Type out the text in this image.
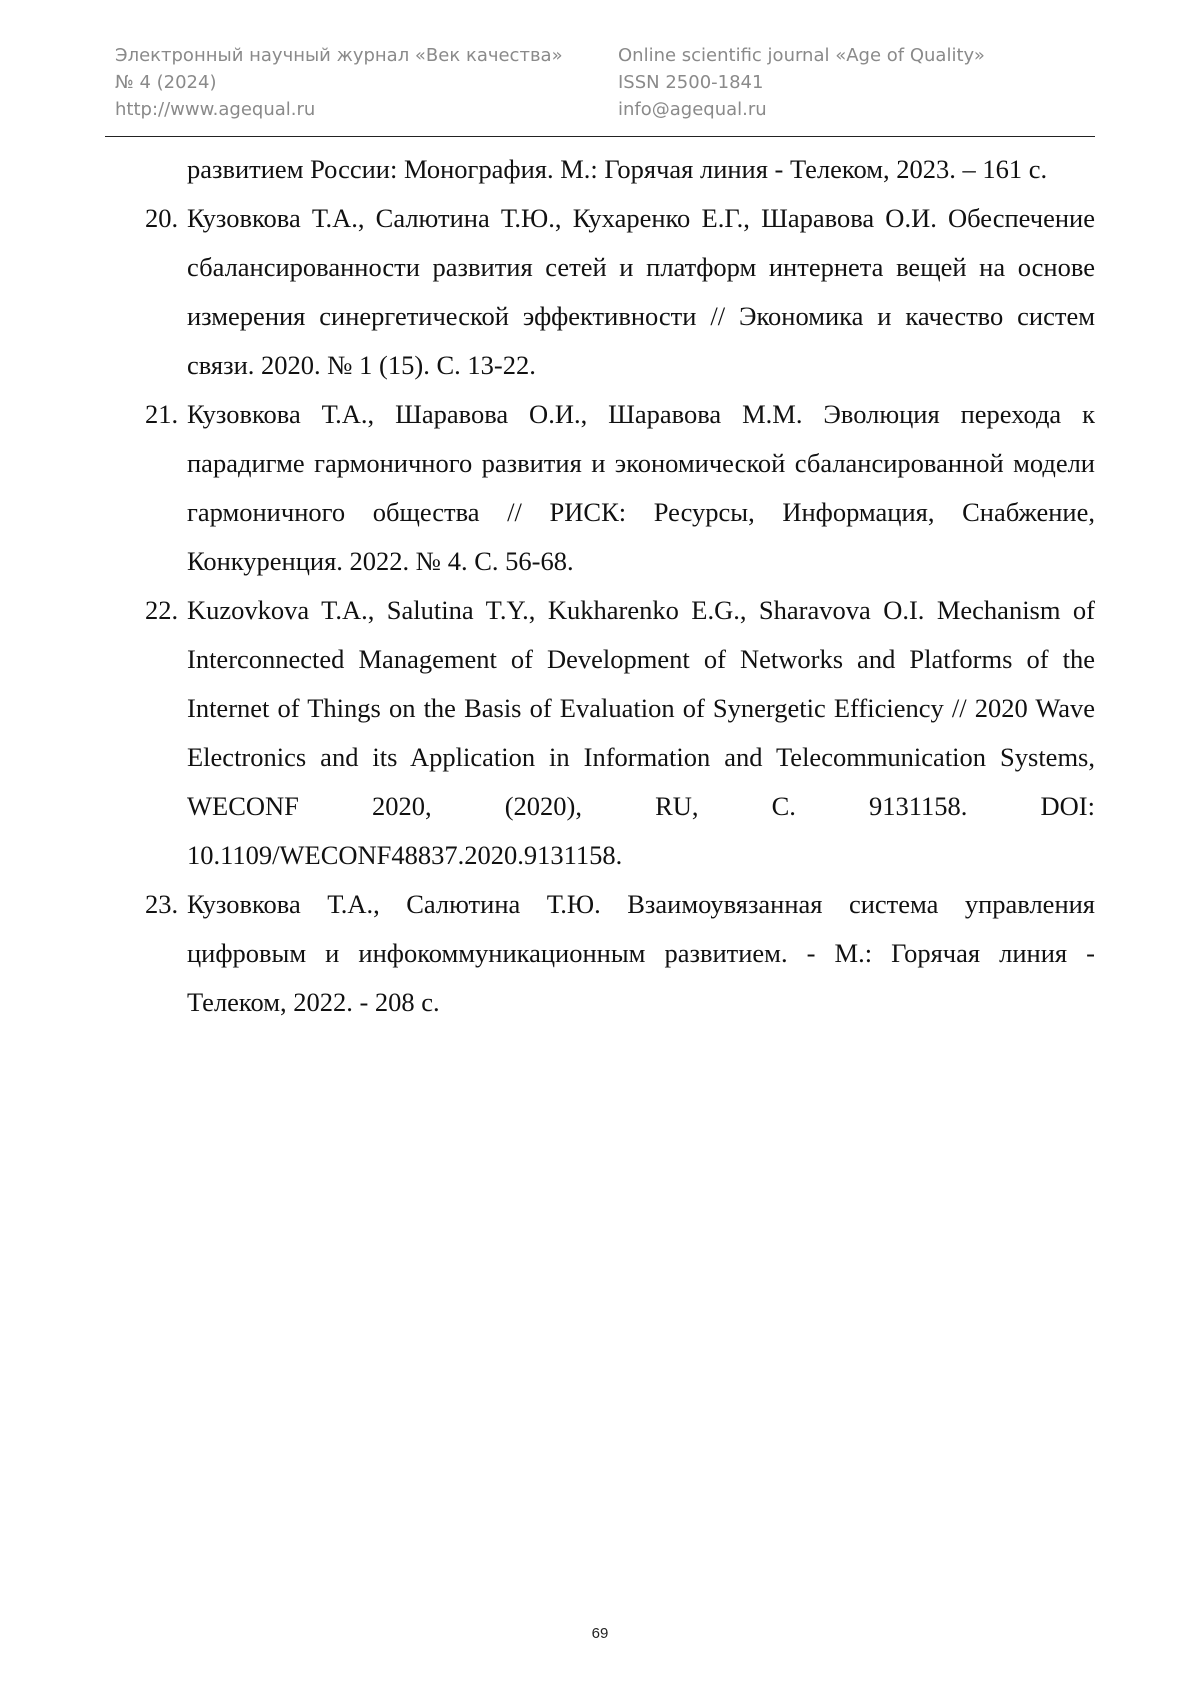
Электронный научный журнал «Век качества»
№ 4 (2024)
http://www.agequal.ru
Online scientific journal «Age of Quality»
ISSN 2500-1841
info@agequal.ru
развитием России: Монография. М.: Горячая линия - Телеком, 2023. – 161 с.
20. Кузовкова Т.А., Салютина Т.Ю., Кухаренко Е.Г., Шаравова О.И. Обеспечение сбалансированности развития сетей и платформ интернета вещей на основе измерения синергетической эффективности // Экономика и качество систем связи. 2020. № 1 (15). С. 13-22.
21. Кузовкова Т.А., Шаравова О.И., Шаравова М.М. Эволюция перехода к парадигме гармоничного развития и экономической сбалансированной модели гармоничного общества // РИСК: Ресурсы, Информация, Снабжение, Конкуренция. 2022. № 4. С. 56-68.
22. Kuzovkova T.A., Salutina T.Y., Kukharenko E.G., Sharavova O.I. Mechanism of Interconnected Management of Development of Networks and Platforms of the Internet of Things on the Basis of Evaluation of Synergetic Efficiency // 2020 Wave Electronics and its Application in Information and Telecommunication Systems, WECONF 2020, (2020), RU, C. 9131158. DOI: 10.1109/WECONF48837.2020.9131158.
23. Кузовкова Т.А., Салютина Т.Ю. Взаимоувязанная система управления цифровым и инфокоммуникационным развитием. - М.: Горячая линия - Телеком, 2022. - 208 с.
69
